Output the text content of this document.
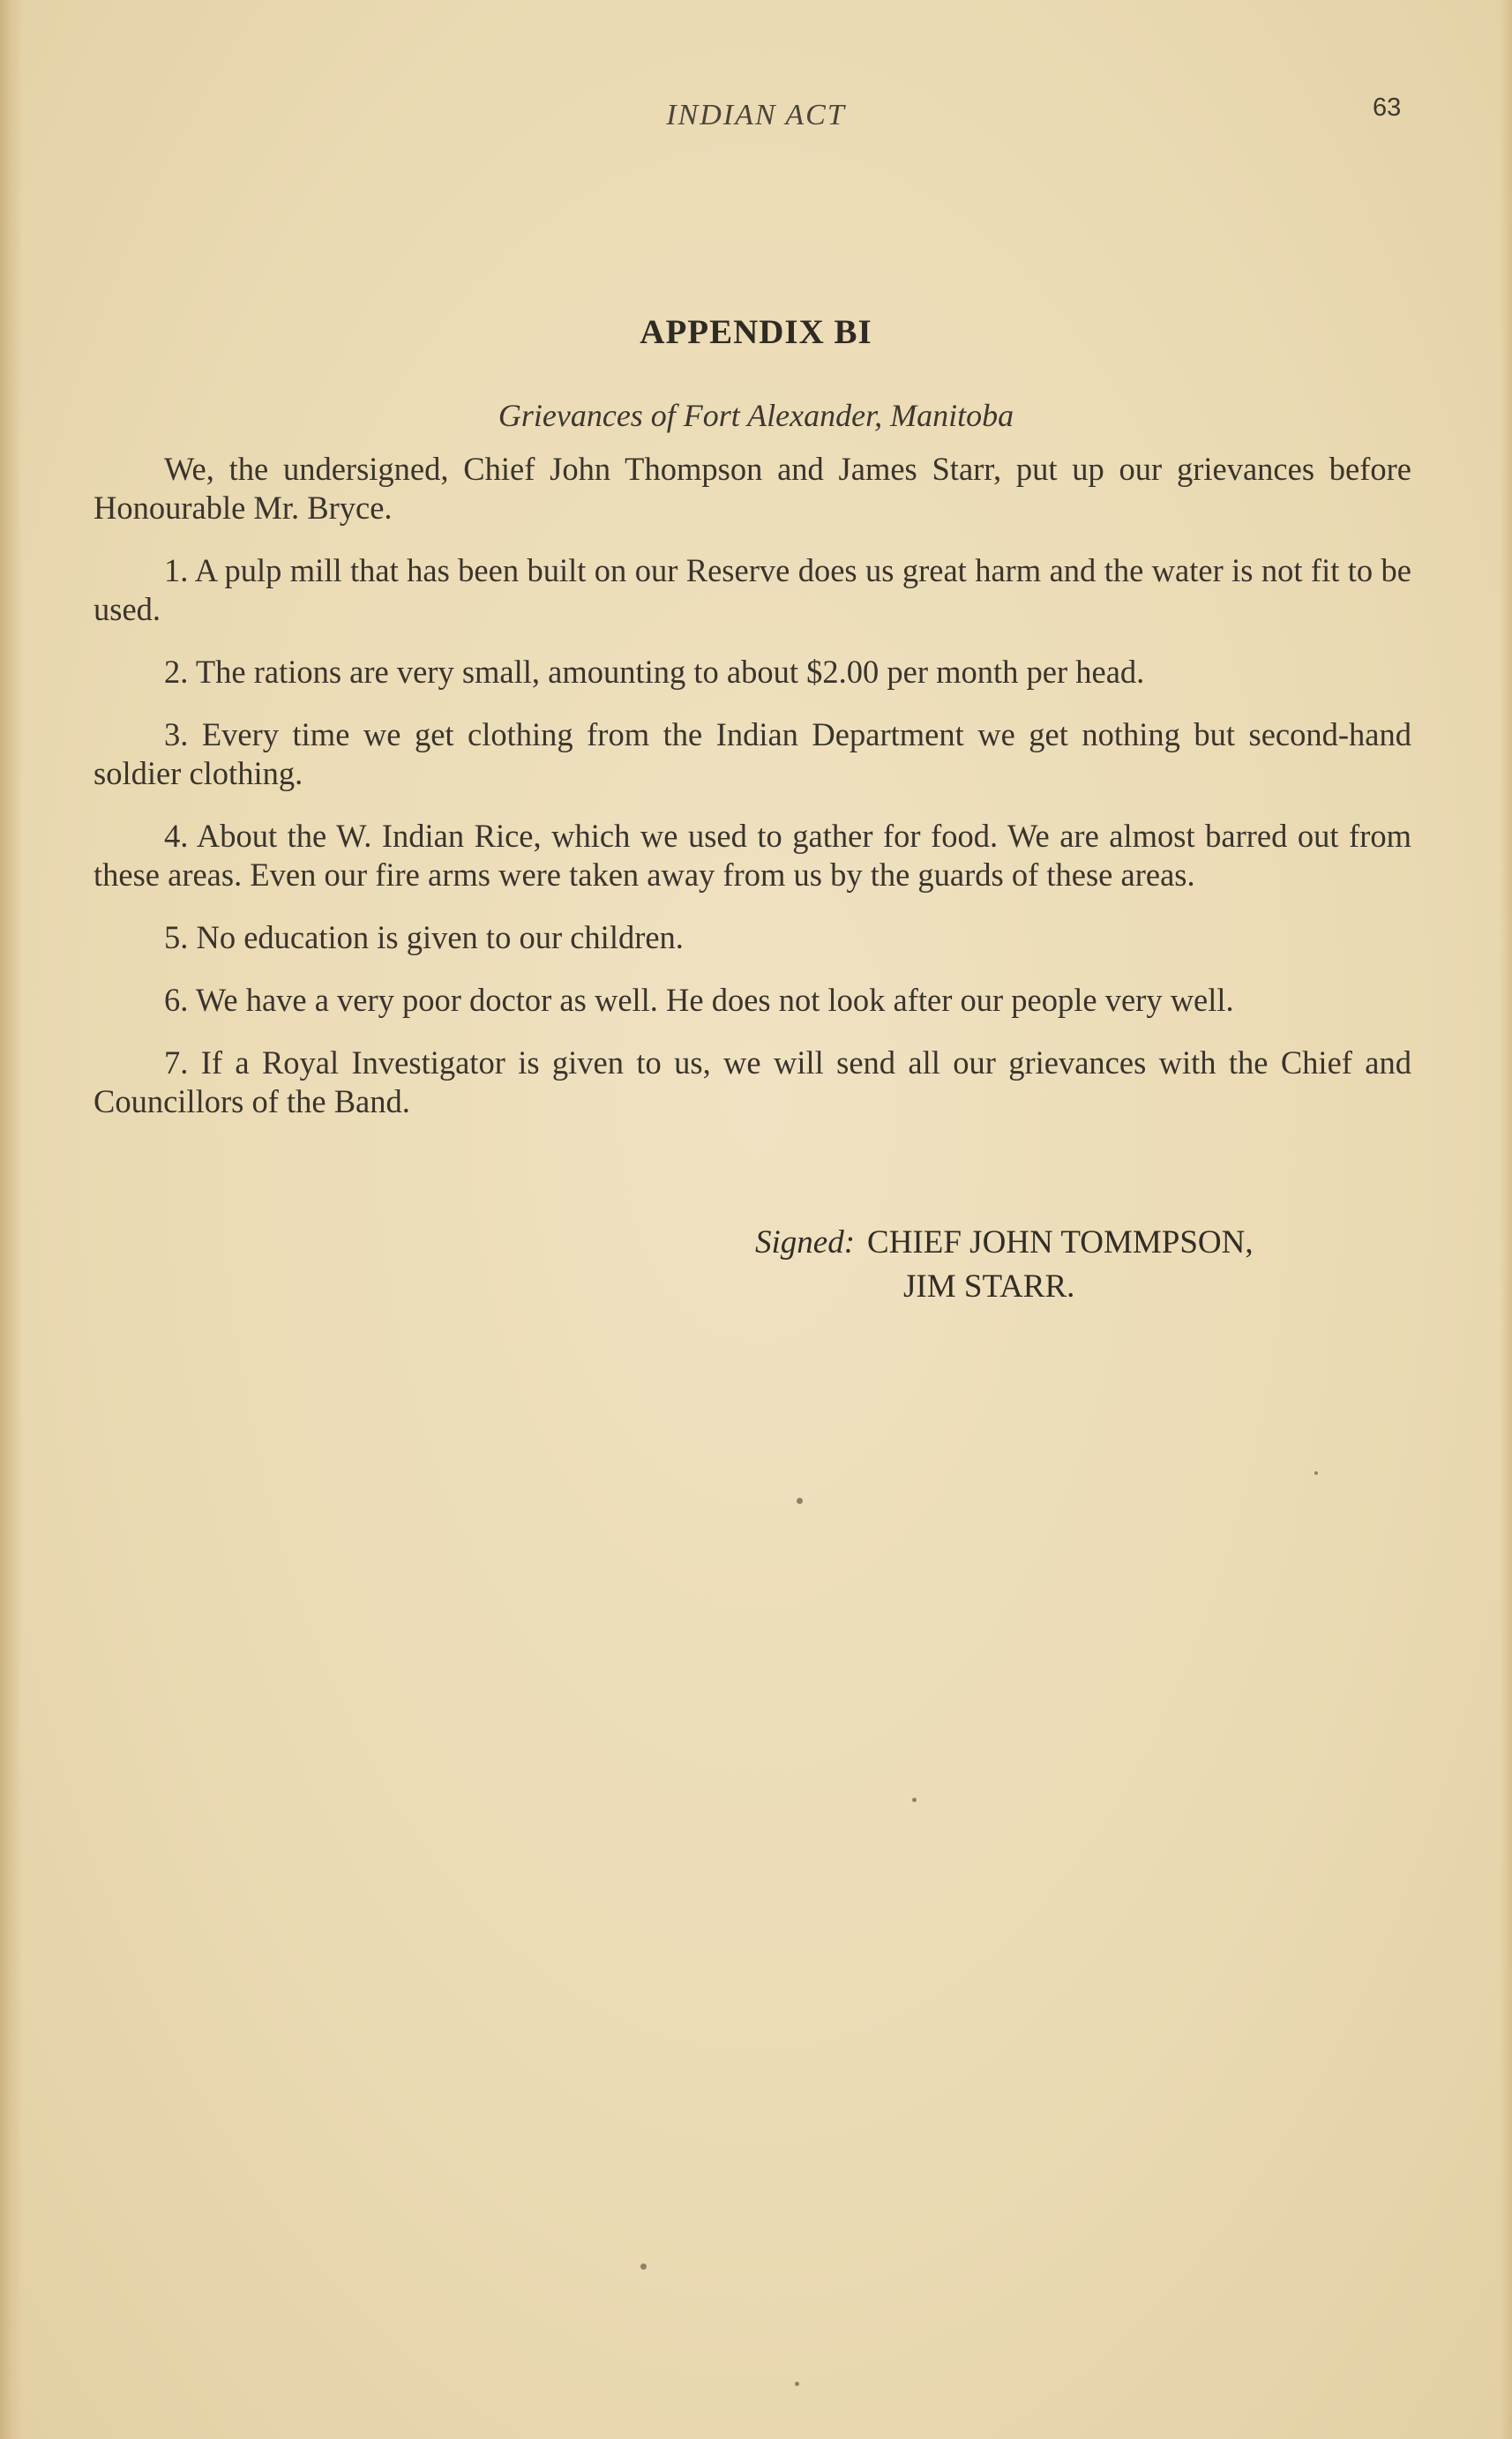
INDIAN ACT	63
APPENDIX BI
Grievances of Fort Alexander, Manitoba

We, the undersigned, Chief John Thompson and James Starr, put up our grievances before Honourable Mr. Bryce.

1. A pulp mill that has been built on our Reserve does us great harm and the water is not fit to be used.

2. The rations are very small, amounting to about $2.00 per month per head.

3. Every time we get clothing from the Indian Department we get nothing but second-hand soldier clothing.

4. About the W. Indian Rice, which we used to gather for food. We are almost barred out from these areas. Even our fire arms were taken away from us by the guards of these areas.

5. No education is given to our children.

6. We have a very poor doctor as well. He does not look after our people very well.

7. If a Royal Investigator is given to us, we will send all our grievances with the Chief and Councillors of the Band.

Signed: CHIEF JOHN TOMMPSON,
JIM STARR.
